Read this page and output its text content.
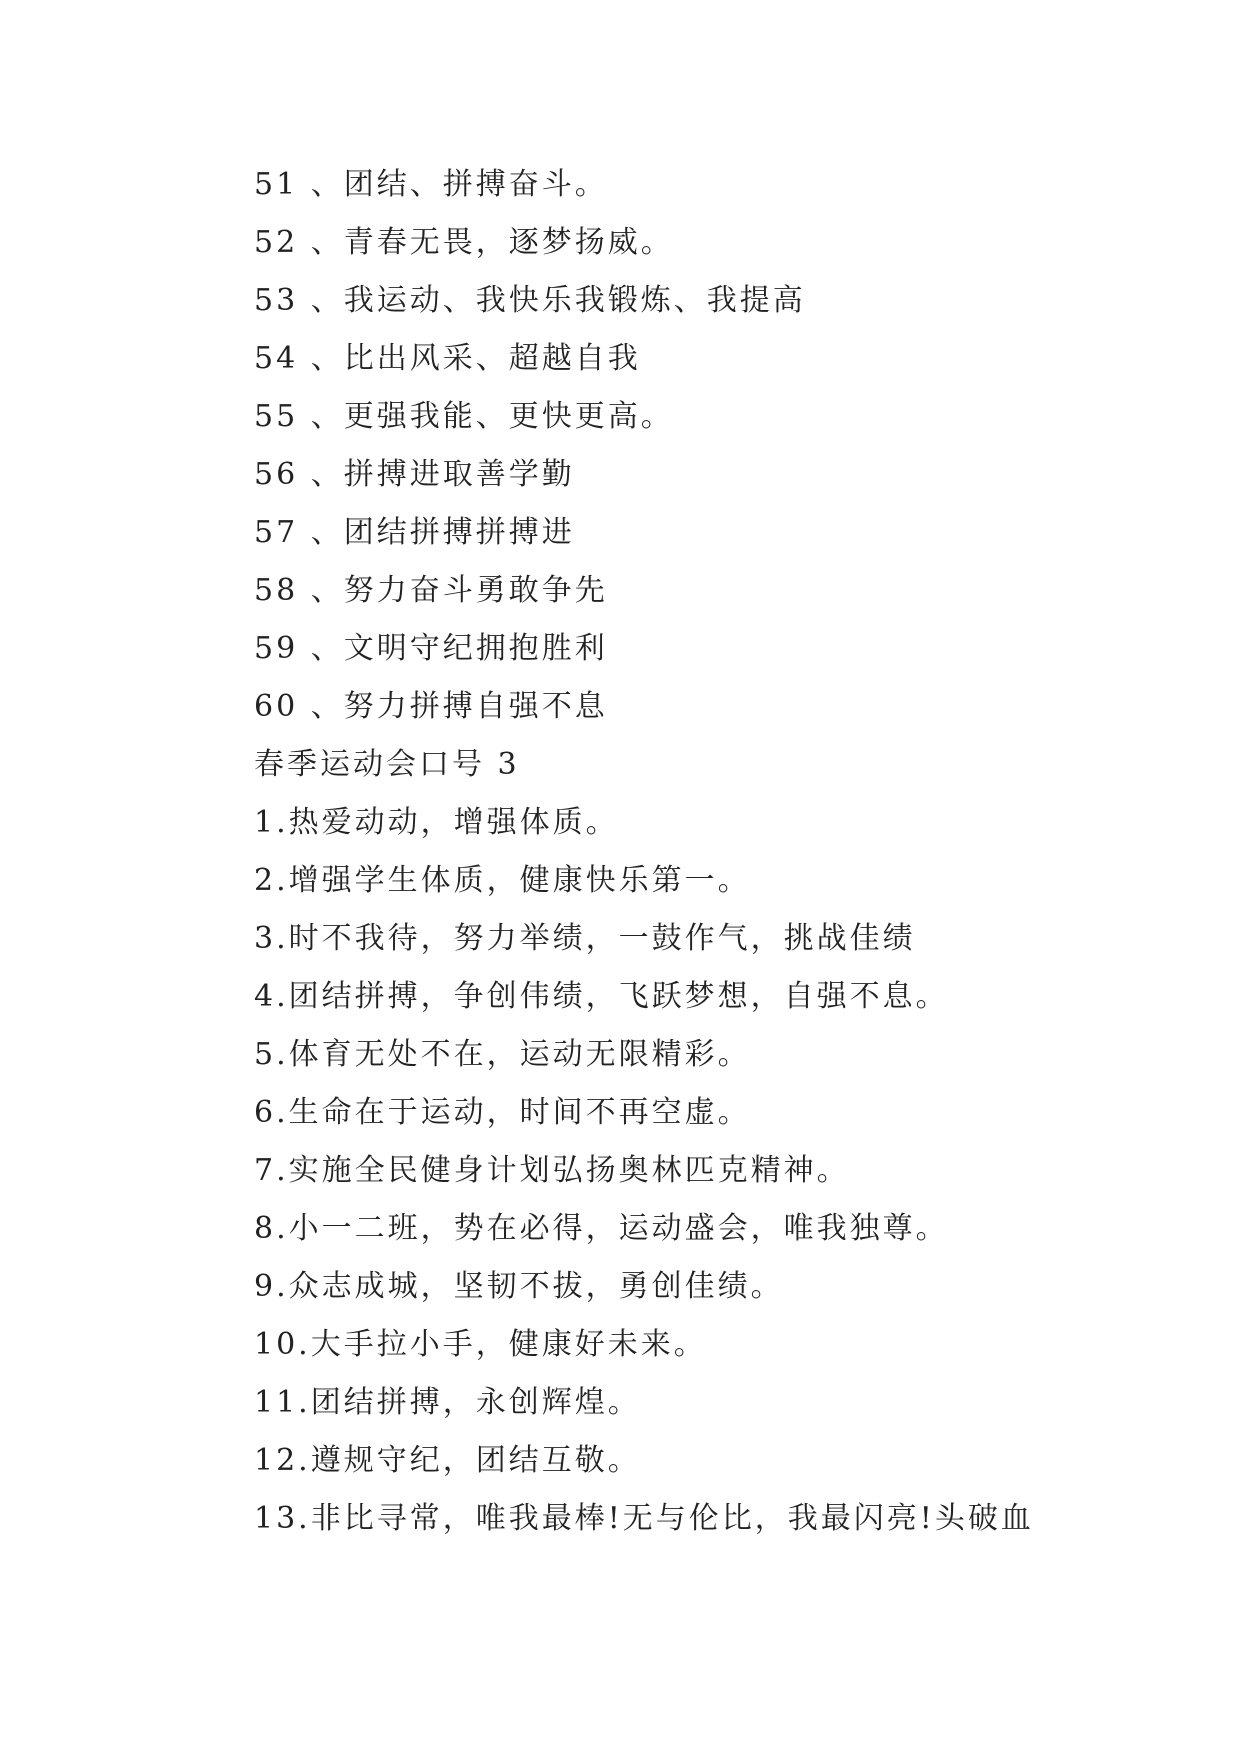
51 、团结、拼搏奋斗。
52 、青春无畏，逐梦扬威。
53 、我运动、我快乐我锻炼、我提高
54 、比出风采、超越自我
55 、更强我能、更快更高。
56 、拼搏进取善学勤
57 、团结拼搏拼搏进
58 、努力奋斗勇敢争先
59 、文明守纪拥抱胜利
60 、努力拼搏自强不息
春季运动会口号 3
1.热爱动动，增强体质。
2.增强学生体质，健康快乐第一。
3.时不我待，努力举绩，一鼓作气，挑战佳绩
4.团结拼搏，争创伟绩，飞跃梦想，自强不息。
5.体育无处不在，运动无限精彩。
6.生命在于运动，时间不再空虚。
7.实施全民健身计划弘扬奥林匹克精神。
8.小一二班，势在必得，运动盛会，唯我独尊。
9.众志成城，坚韧不拔，勇创佳绩。
10.大手拉小手，健康好未来。
11.团结拼搏，永创辉煌。
12.遵规守纪，团结互敬。
13.非比寻常，唯我最棒!无与伦比，我最闪亮!头破血
